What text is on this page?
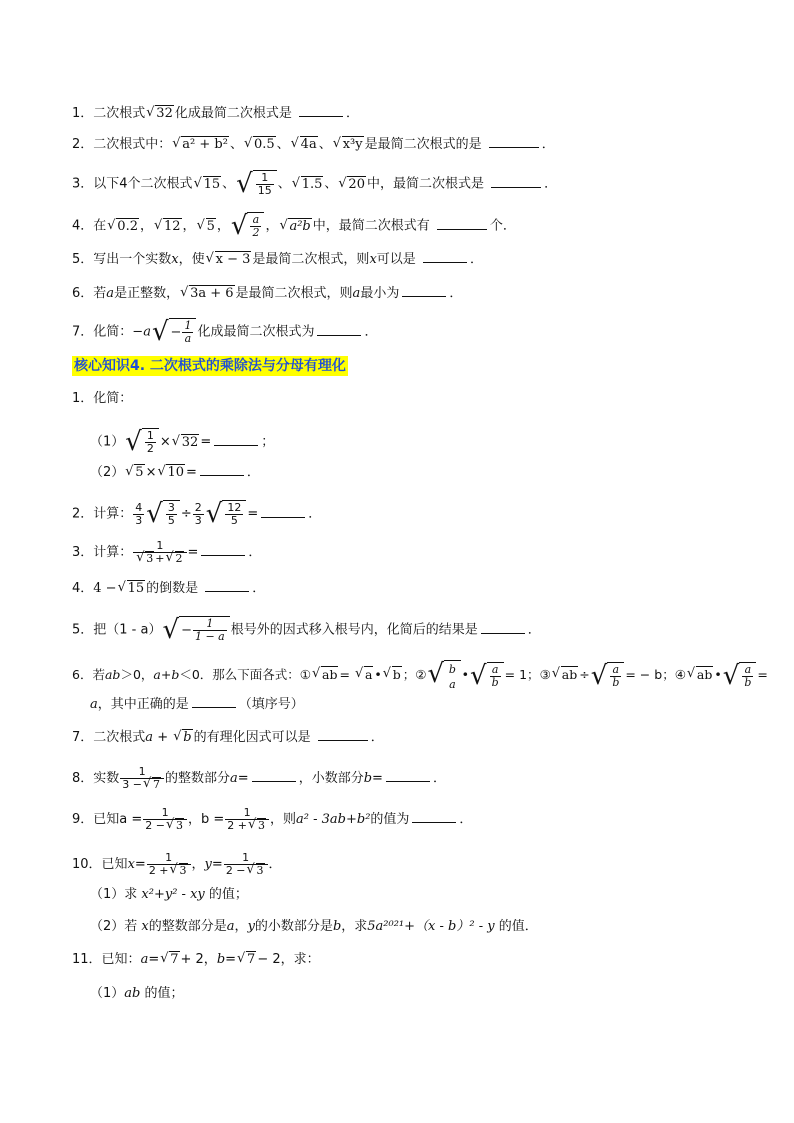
1．二次根式 √ 32 化成最简二次根式是	．
2．二次根式中： √ a² + b² 、 √ 0.5 、 √ 4a 、 √ x³y 是最简二次根式的是	．
3．以下4个二次根式 √ 15 、 √ $\frac{1}{15}$ 、 √ 1.5 、 √ 20 中，最简二次根式是	．
4．在 √ 0.2 ， √ 12 ， √ 5 ， √ $\frac{a}{2}$ ， √ a²b 中，最简二次根式有	个．
5．写出一个实数x，使 √ x − 3 是最简二次根式，则x可以是	．
6．若a是正整数， √ 3a + 6 是最简二次根式，则a最小为	．
7．化简：−a √ − $\frac{1}{a}$ 化成最简二次根式为	．
核心知识4. 二次根式的乘除法与分母有理化
1．化简：
（1） √ $\frac{1}{2}$ × √ 32 =	；
（2） √ 5 × √ 10 =	．
2．计算： $\frac{4}{3}$ √ $\frac{3}{5} \div \frac{2}{3}$ √ $\frac{12}{5}$ =	．
3．计算： 1
√ 3 + √ 2 =	．
4．4 − √ 15 的倒数是	．
5．把（1 - a） √ − $\frac{1}{1 - a}$ 根号外的因式移入根号内，化简后的结果是	．
6．若ab＞0，a+b＜0．那么下面各式：① √ ab = √ a • √ b ；② √ b
a
• √ $\frac{a}{b} = 1$；③ √ ab ÷ √ $\frac{a}{b}$ = − b；④ √ ab • √ $\frac{a}{b}$ =
a，其中正确的是	（填序号）
7．二次根式a + √ b 的有理化因式可以是	．
8．实数 $\frac{1}{3 - √ 7}$ 的整数部分a=	，小数部分b=	．
9．已知$a = \frac{1}{2 - √ 3}$ ，$b = \frac{1}{2 + √ 3}$ ，则a² - 3ab+b²的值为	．
10．已知$x= \frac{1}{2 + √ 3}$ ，$y= \frac{1}{2 - √ 3}$ ．
（1）求 x²+y² - xy 的值；
（2）若 x的整数部分是a，y的小数部分是b，求5a²⁰²¹+（x - b）² - y 的值．
11．已知：a= √ 7 + 2，b= √ 7 − 2，求：
（1）ab 的值；
